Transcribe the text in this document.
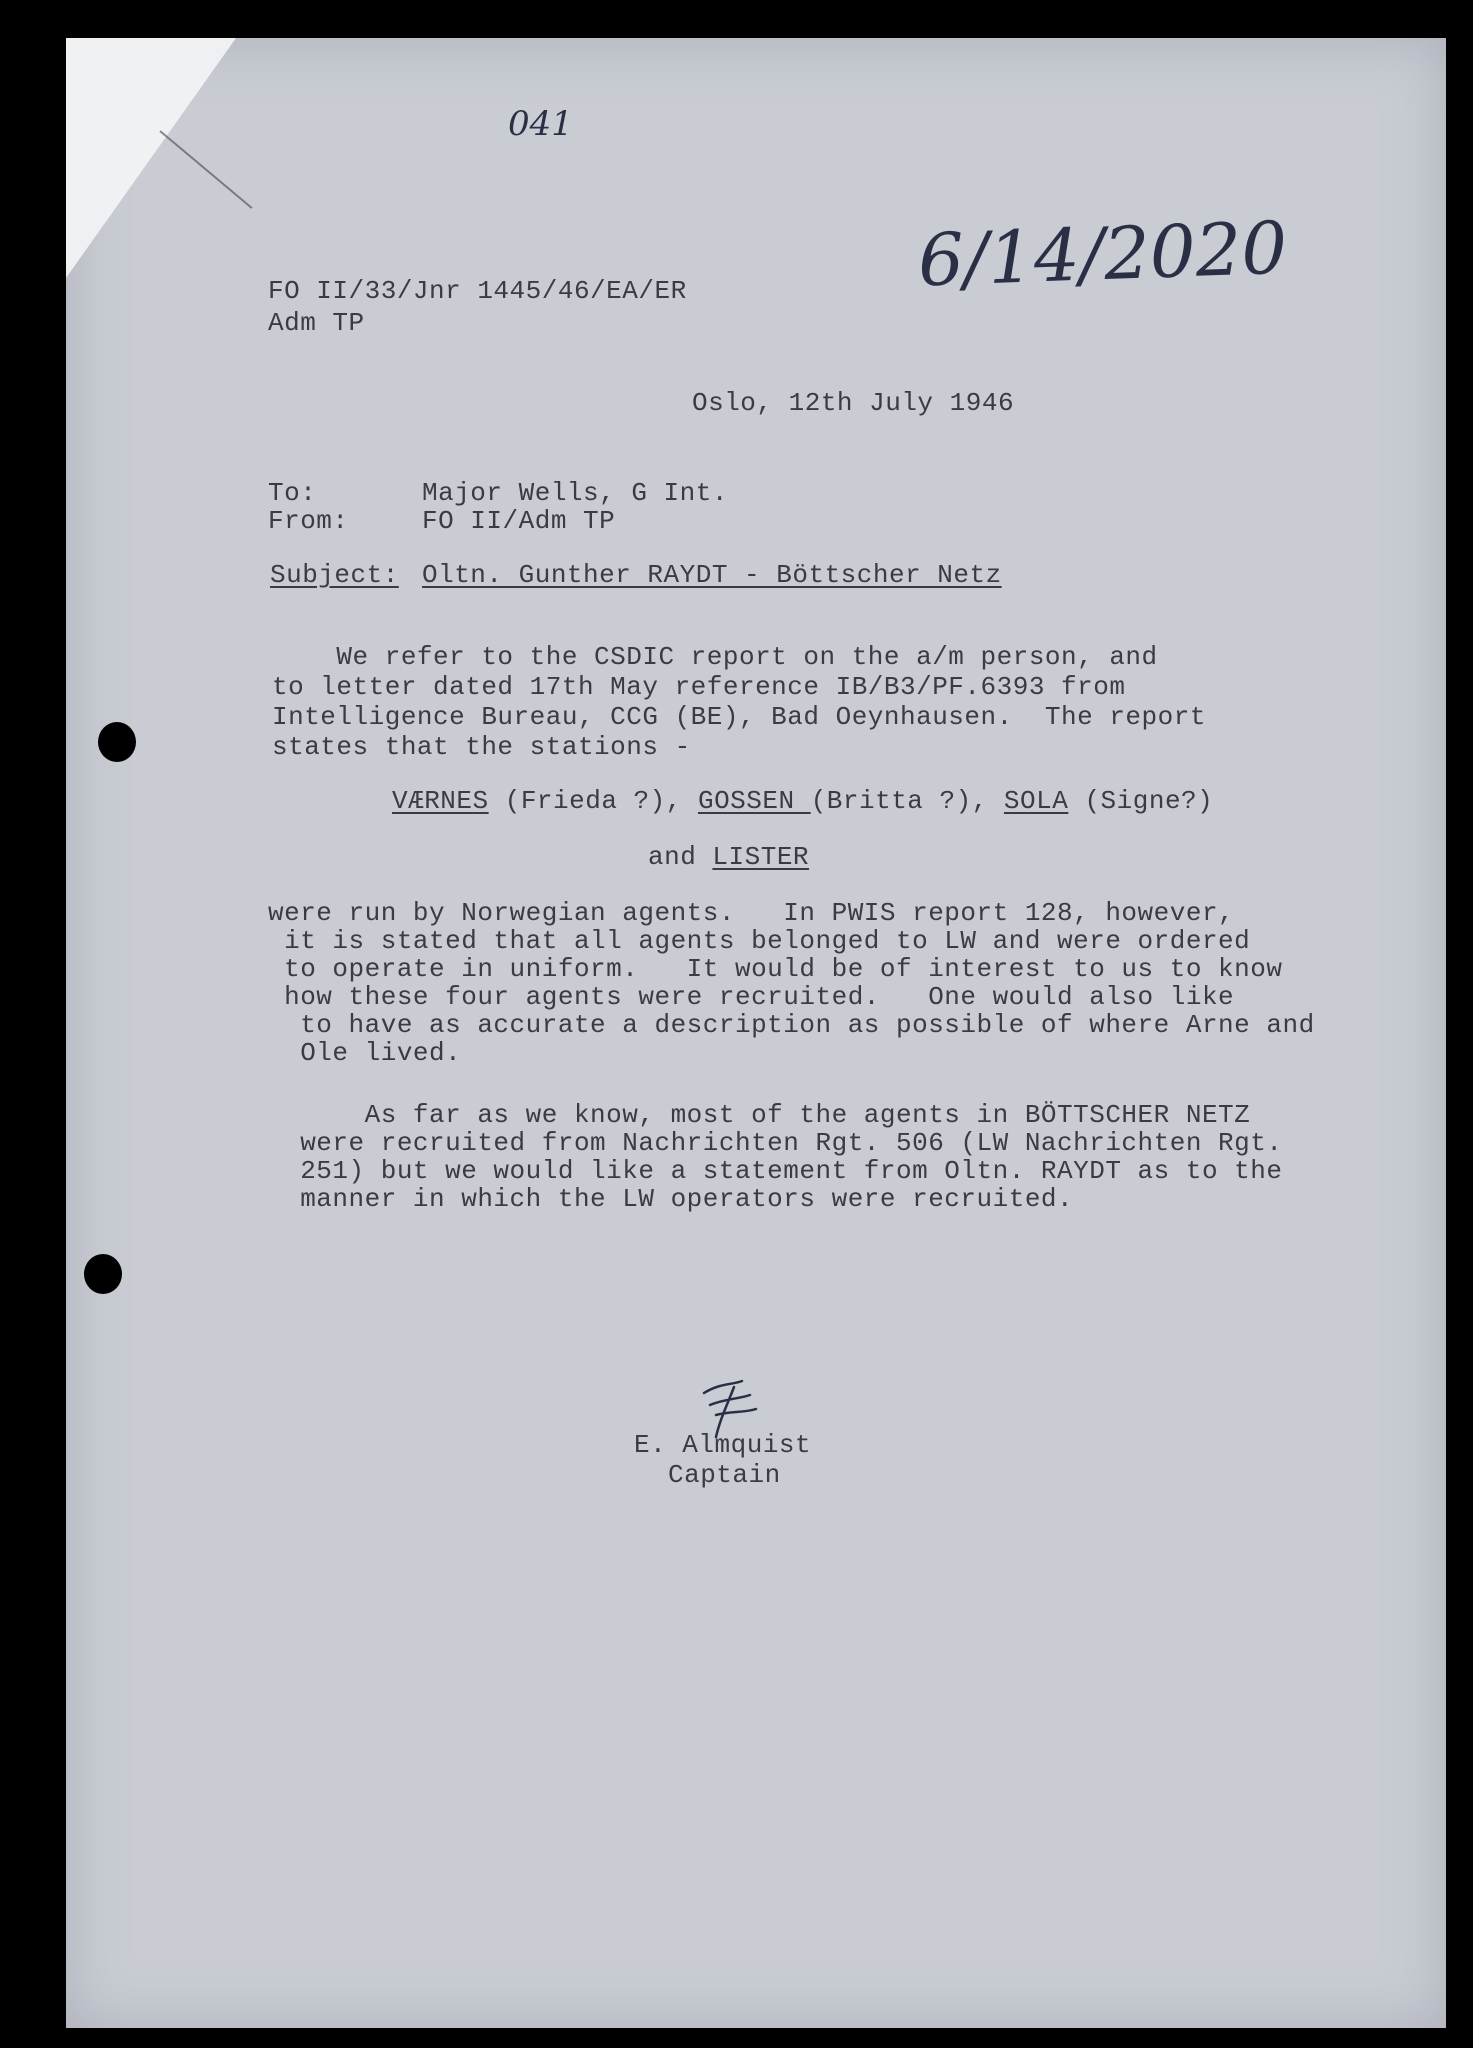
041
6/14/2020
FO II/33/Jnr 1445/46/EA/ER
Adm TP
Oslo, 12th July 1946
To:	Major Wells, G Int.
From:	FO II/Adm TP
Subject: Oltn. Gunther RAYDT - Böttscher Netz
We refer to the CSDIC report on the a/m person, and
to letter dated 17th May reference IB/B3/PF.6393 from
Intelligence Bureau, CCG (BE), Bad Oeynhausen.  The report
states that the stations -
VÆRNES (Frieda ?), GOSSEN (Britta ?), SOLA (Signe?)
and LISTER
were run by Norwegian agents.   In PWIS report 128, however,
it is stated that all agents belonged to LW and were ordered
to operate in uniform.   It would be of interest to us to know
how these four agents were recruited.   One would also like
to have as accurate a description as possible of where Arne and
Ole lived.
As far as we know, most of the agents in BÖTTSCHER NETZ
were recruited from Nachrichten Rgt. 506 (LW Nachrichten Rgt.
251) but we would like a statement from Oltn. RAYDT as to the
manner in which the LW operators were recruited.
E. Almquist
Captain
